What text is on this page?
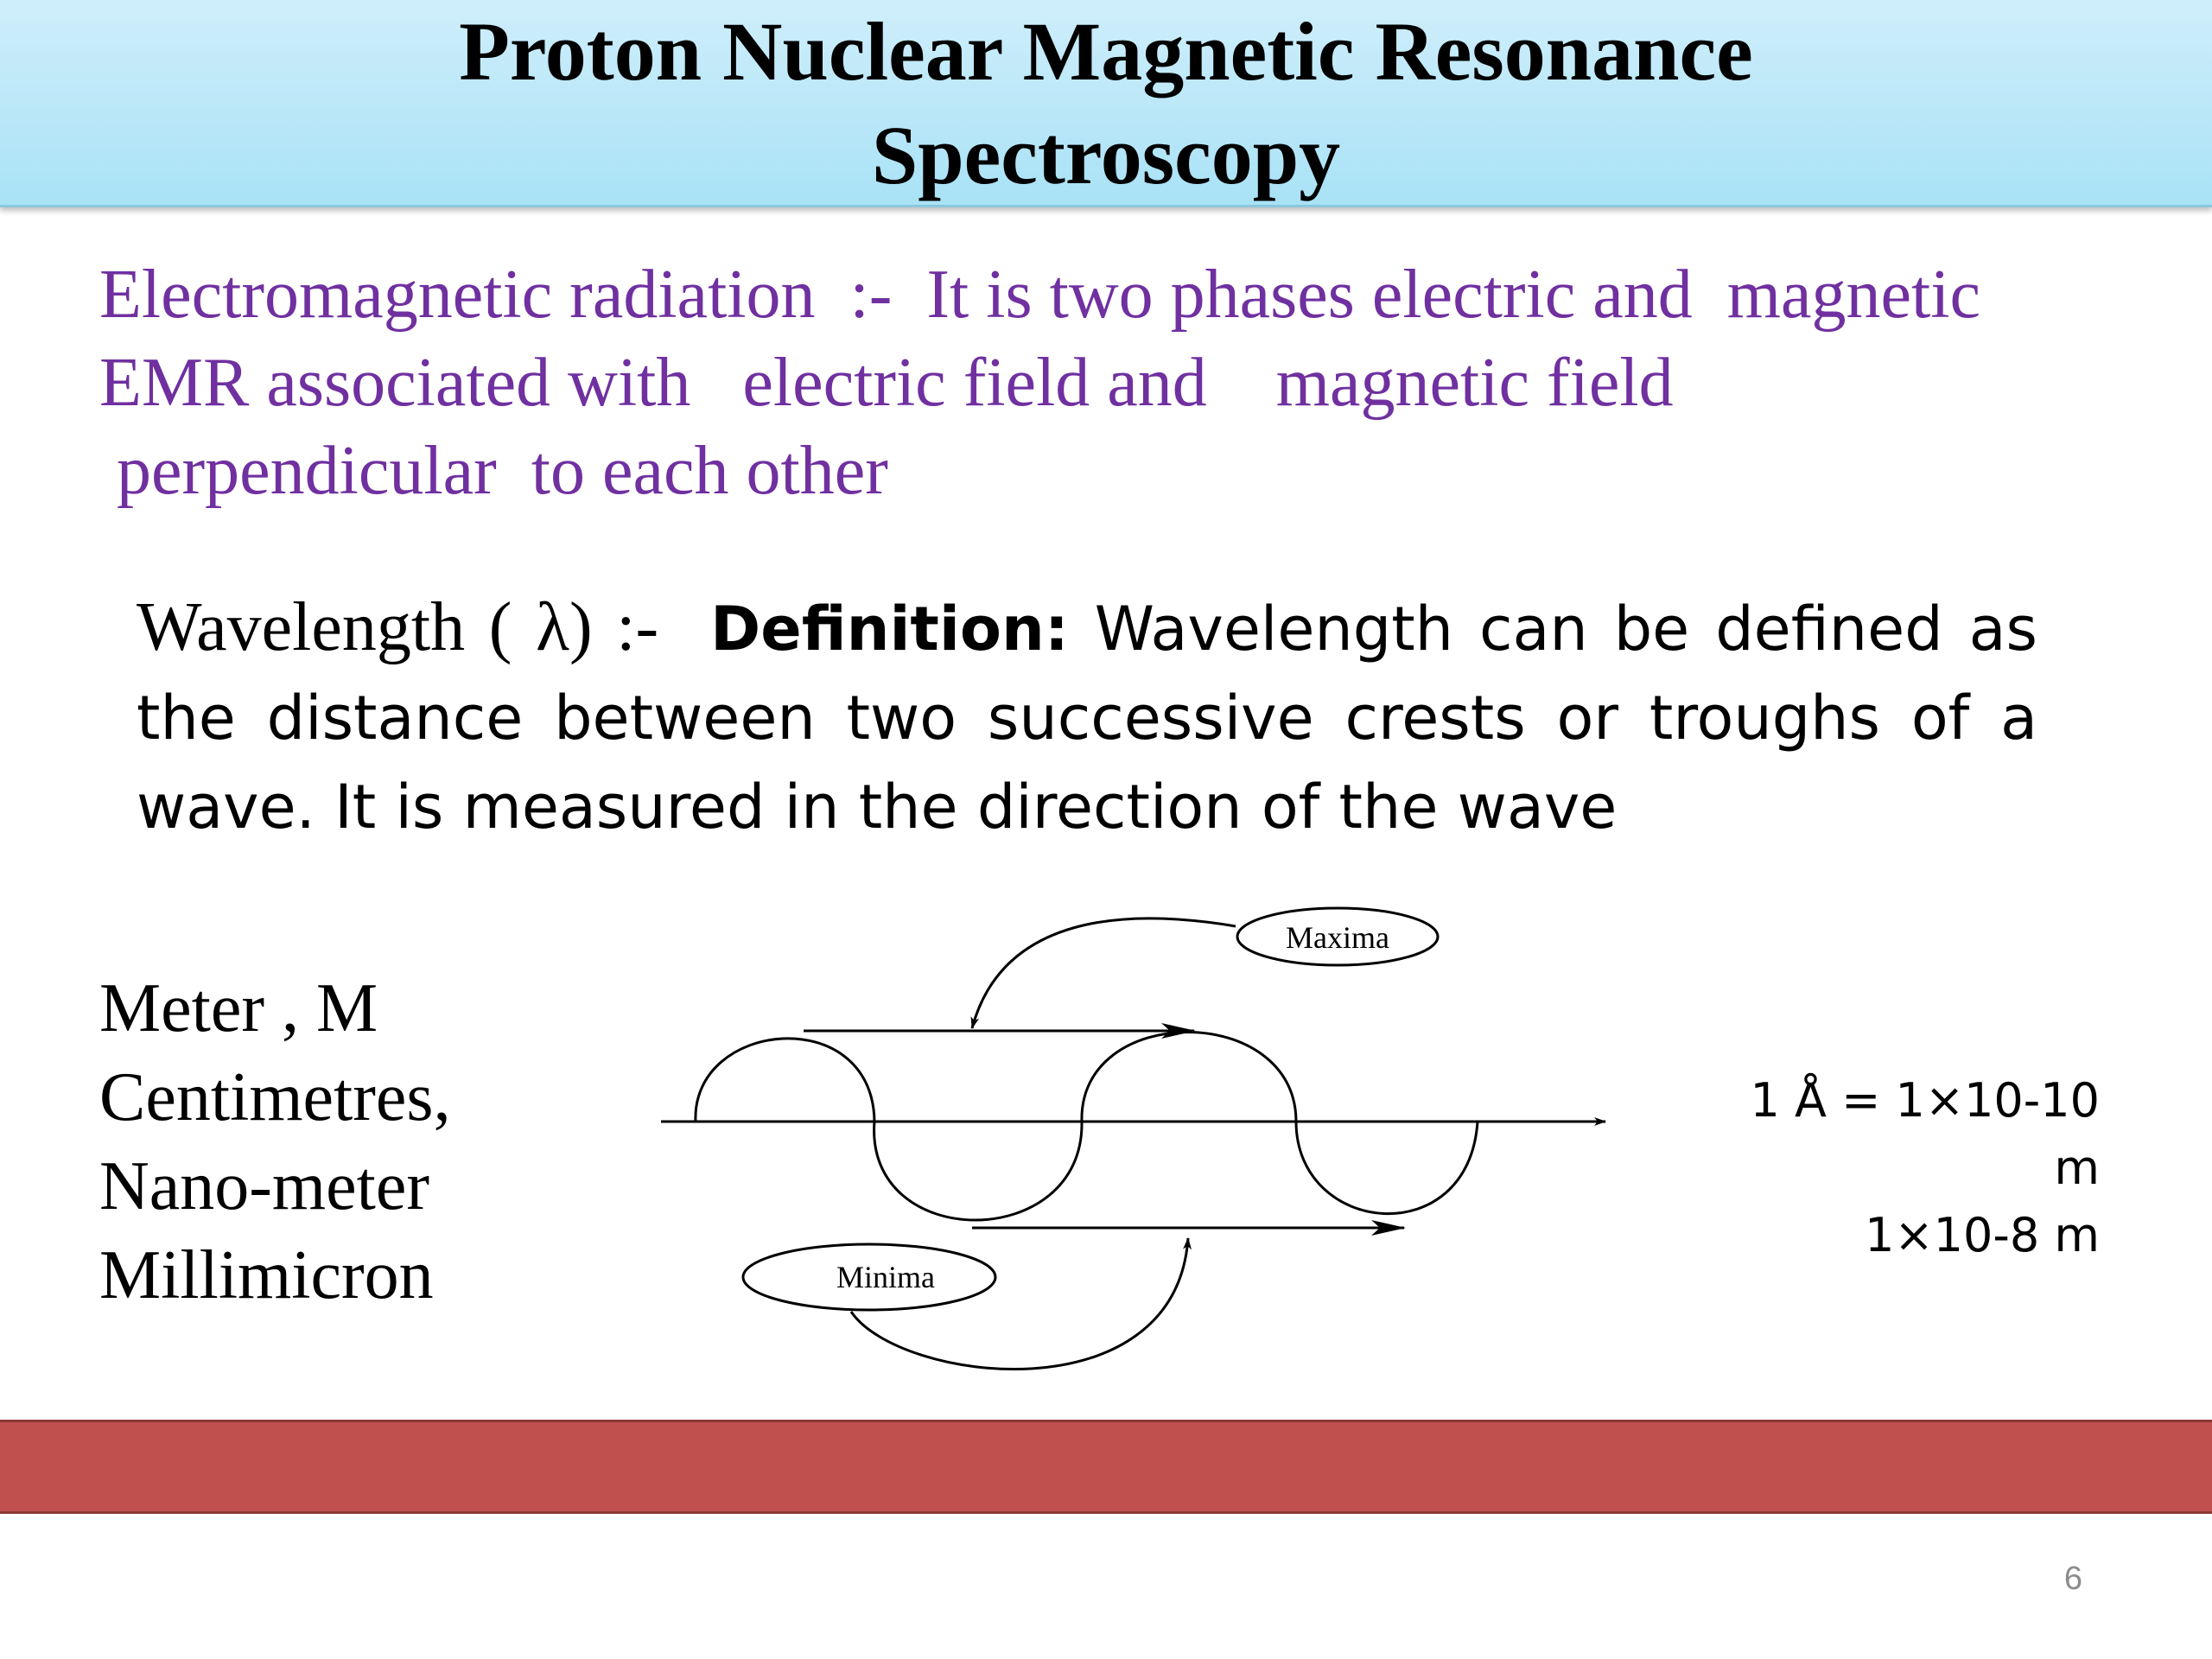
Proton Nuclear Magnetic Resonance
Spectroscopy
Electromagnetic radiation  :-  It is two phases electric and  magnetic
EMR associated with   electric field and    magnetic field
perpendicular  to each other
Wavelength ( λ) :- Definition: Wavelength can be defined as the distance between two successive crests or troughs of a wave. It is measured in the direction of the wave
Meter , M
Centimetres,
Nano-meter
Millimicron
Maxima
Minima
1 Å = 1×10-10 m
1×10-8 m
6
